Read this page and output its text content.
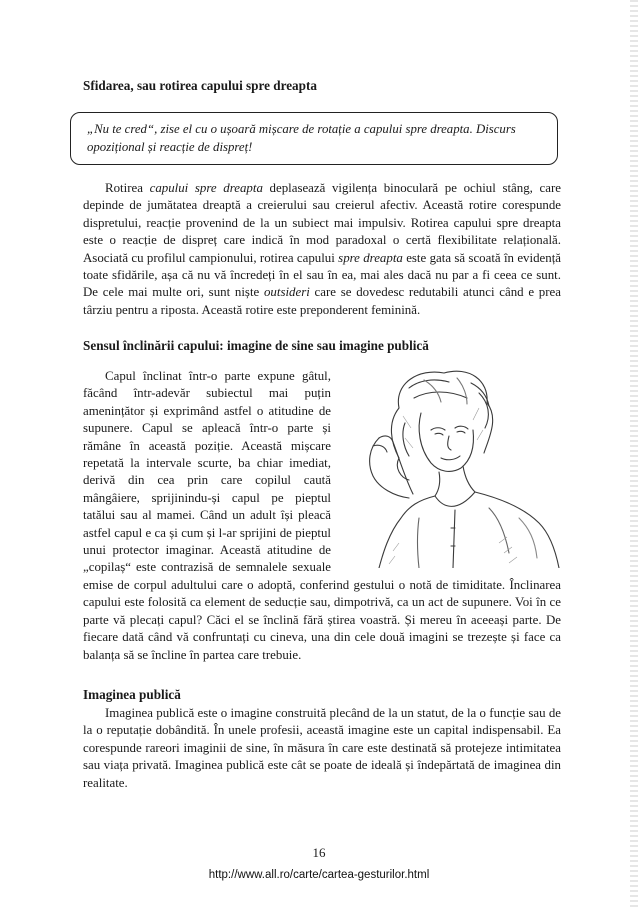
Sfidarea, sau rotirea capului spre dreapta
„Nu te cred“, zise el cu o ușoară mișcare de rotație a capului spre dreapta. Discurs opozițional și reacție de dispreț!

Rotirea capului spre dreapta deplasează vigilența binoculară pe ochiul stâng, care depinde de jumătatea dreaptă a creierului sau creierul afectiv. Această rotire corespunde dispretului, reacție provenind de la un subiect mai impulsiv. Rotirea capului spre dreapta este o reacție de dispreț care indică în mod paradoxal o certă flexibilitate relațională. Asociată cu profilul campionului, rotirea capului spre dreapta este gata să scoată în evidență toate sfidările, așa că nu vă încredeți în el sau în ea, mai ales dacă nu par a fi ceea ce sunt. De cele mai multe ori, sunt niște outsideri care se dovedesc redutabili atunci când e prea târziu pentru a riposta. Această rotire este preponderent feminină.

Sensul înclinării capului: imagine de sine sau imagine publică

Capul înclinat într-o parte expune gâtul, făcând într-adevăr subiectul mai puțin amenințător și exprimând astfel o atitudine de supunere. Capul se apleacă într-o parte și rămâne în această poziție. Această mișcare repetată la intervale scurte, ba chiar imediat, derivă din cea prin care copilul caută mângâiere, sprijinindu-și capul pe pieptul tatălui sau al mamei. Când un adult își pleacă astfel capul e ca și cum și l-ar sprijini de pieptul unui protector imaginar. Această atitudine de „copilaș“ este contrazisă de semnalele sexuale emise de corpul adultului care o adoptă, conferind gestului o notă de timiditate. Înclinarea capului este folosită ca element de seducție sau, dimpotrivă, ca un act de supunere. Voi în ce parte vă plecați capul? Căci el se înclină fără știrea voastră. Și mereu în aceeași parte. De fiecare dată când vă confruntați cu cineva, una din cele două imagini se trezește și face ca balanța să se încline în partea care trebuie.

Imaginea publică

Imaginea publică este o imagine construită plecând de la un statut, de la o funcție sau de la o reputație dobândită. În unele profesii, această imagine este un capital indispensabil. Ea corespunde rareori imaginii de sine, în măsura în care este destinată să protejeze intimitatea sau viața privată. Imaginea publică este cât se poate de ideală și îndepărtată de imaginea din realitate.

16
http://www.all.ro/carte/cartea-gesturilor.html
